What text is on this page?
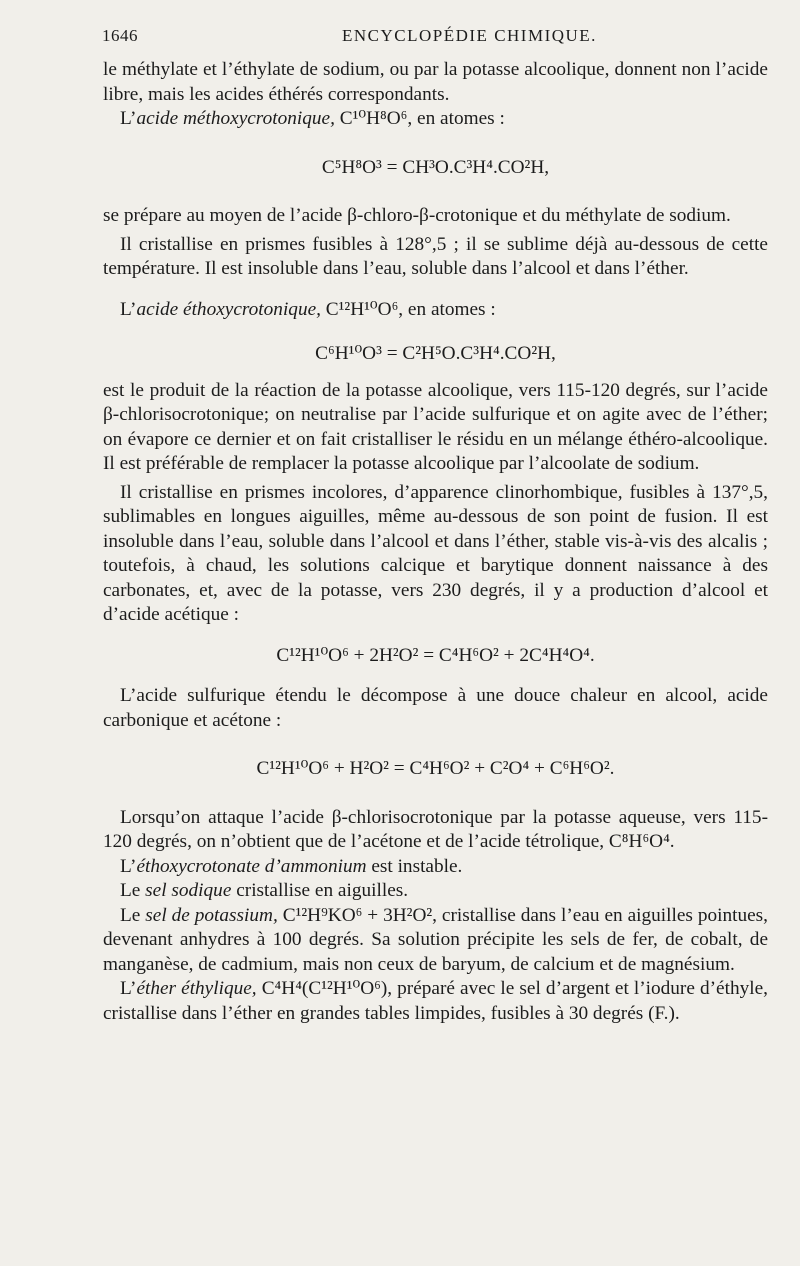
1646	ENCYCLOPÉDIE CHIMIQUE.

le méthylate et l’éthylate de sodium, ou par la potasse alcoolique, donnent non l’acide libre, mais les acides éthérés correspondants.

L’acide méthoxycrotonique, C¹⁰H⁸O⁶, en atomes :

C⁵H⁸O³ = CH³O.C³H⁴.CO²H,

se prépare au moyen de l’acide β-chloro-β-crotonique et du méthylate de sodium.

Il cristallise en prismes fusibles à 128°,5 ; il se sublime déjà au-dessous de cette température. Il est insoluble dans l’eau, soluble dans l’alcool et dans l’éther.

L’acide éthoxycrotonique, C¹²H¹⁰O⁶, en atomes :

C⁶H¹⁰O³ = C²H⁵O.C³H⁴.CO²H,

est le produit de la réaction de la potasse alcoolique, vers 115-120 degrés, sur l’acide β-chlorisocrotonique; on neutralise par l’acide sulfurique et on agite avec de l’éther; on évapore ce dernier et on fait cristalliser le résidu en un mélange éthéro-alcoolique. Il est préférable de remplacer la potasse alcoolique par l’alcoolate de sodium.

Il cristallise en prismes incolores, d’apparence clinorhombique, fusibles à 137°,5, sublimables en longues aiguilles, même au-dessous de son point de fusion. Il est insoluble dans l’eau, soluble dans l’alcool et dans l’éther, stable vis-à-vis des alcalis ; toutefois, à chaud, les solutions calcique et barytique donnent naissance à des carbonates, et, avec de la potasse, vers 230 degrés, il y a production d’alcool et d’acide acétique :

C¹²H¹⁰O⁶ + 2H²O² = C⁴H⁶O² + 2C⁴H⁴O⁴.

L’acide sulfurique étendu le décompose à une douce chaleur en alcool, acide carbonique et acétone :

C¹²H¹⁰O⁶ + H²O² = C⁴H⁶O² + C²O⁴ + C⁶H⁶O².

Lorsqu’on attaque l’acide β-chlorisocrotonique par la potasse aqueuse, vers 115-120 degrés, on n’obtient que de l’acétone et de l’acide tétrolique, C⁸H⁶O⁴.

L’éthoxycrotonate d’ammonium est instable.

Le sel sodique cristallise en aiguilles.

Le sel de potassium, C¹²H⁹KO⁶ + 3H²O², cristallise dans l’eau en aiguilles pointues, devenant anhydres à 100 degrés. Sa solution précipite les sels de fer, de cobalt, de manganèse, de cadmium, mais non ceux de baryum, de calcium et de magnésium.

L’éther éthylique, C⁴H⁴(C¹²H¹⁰O⁶), préparé avec le sel d’argent et l’iodure d’éthyle, cristallise dans l’éther en grandes tables limpides, fusibles à 30 degrés (F.).
